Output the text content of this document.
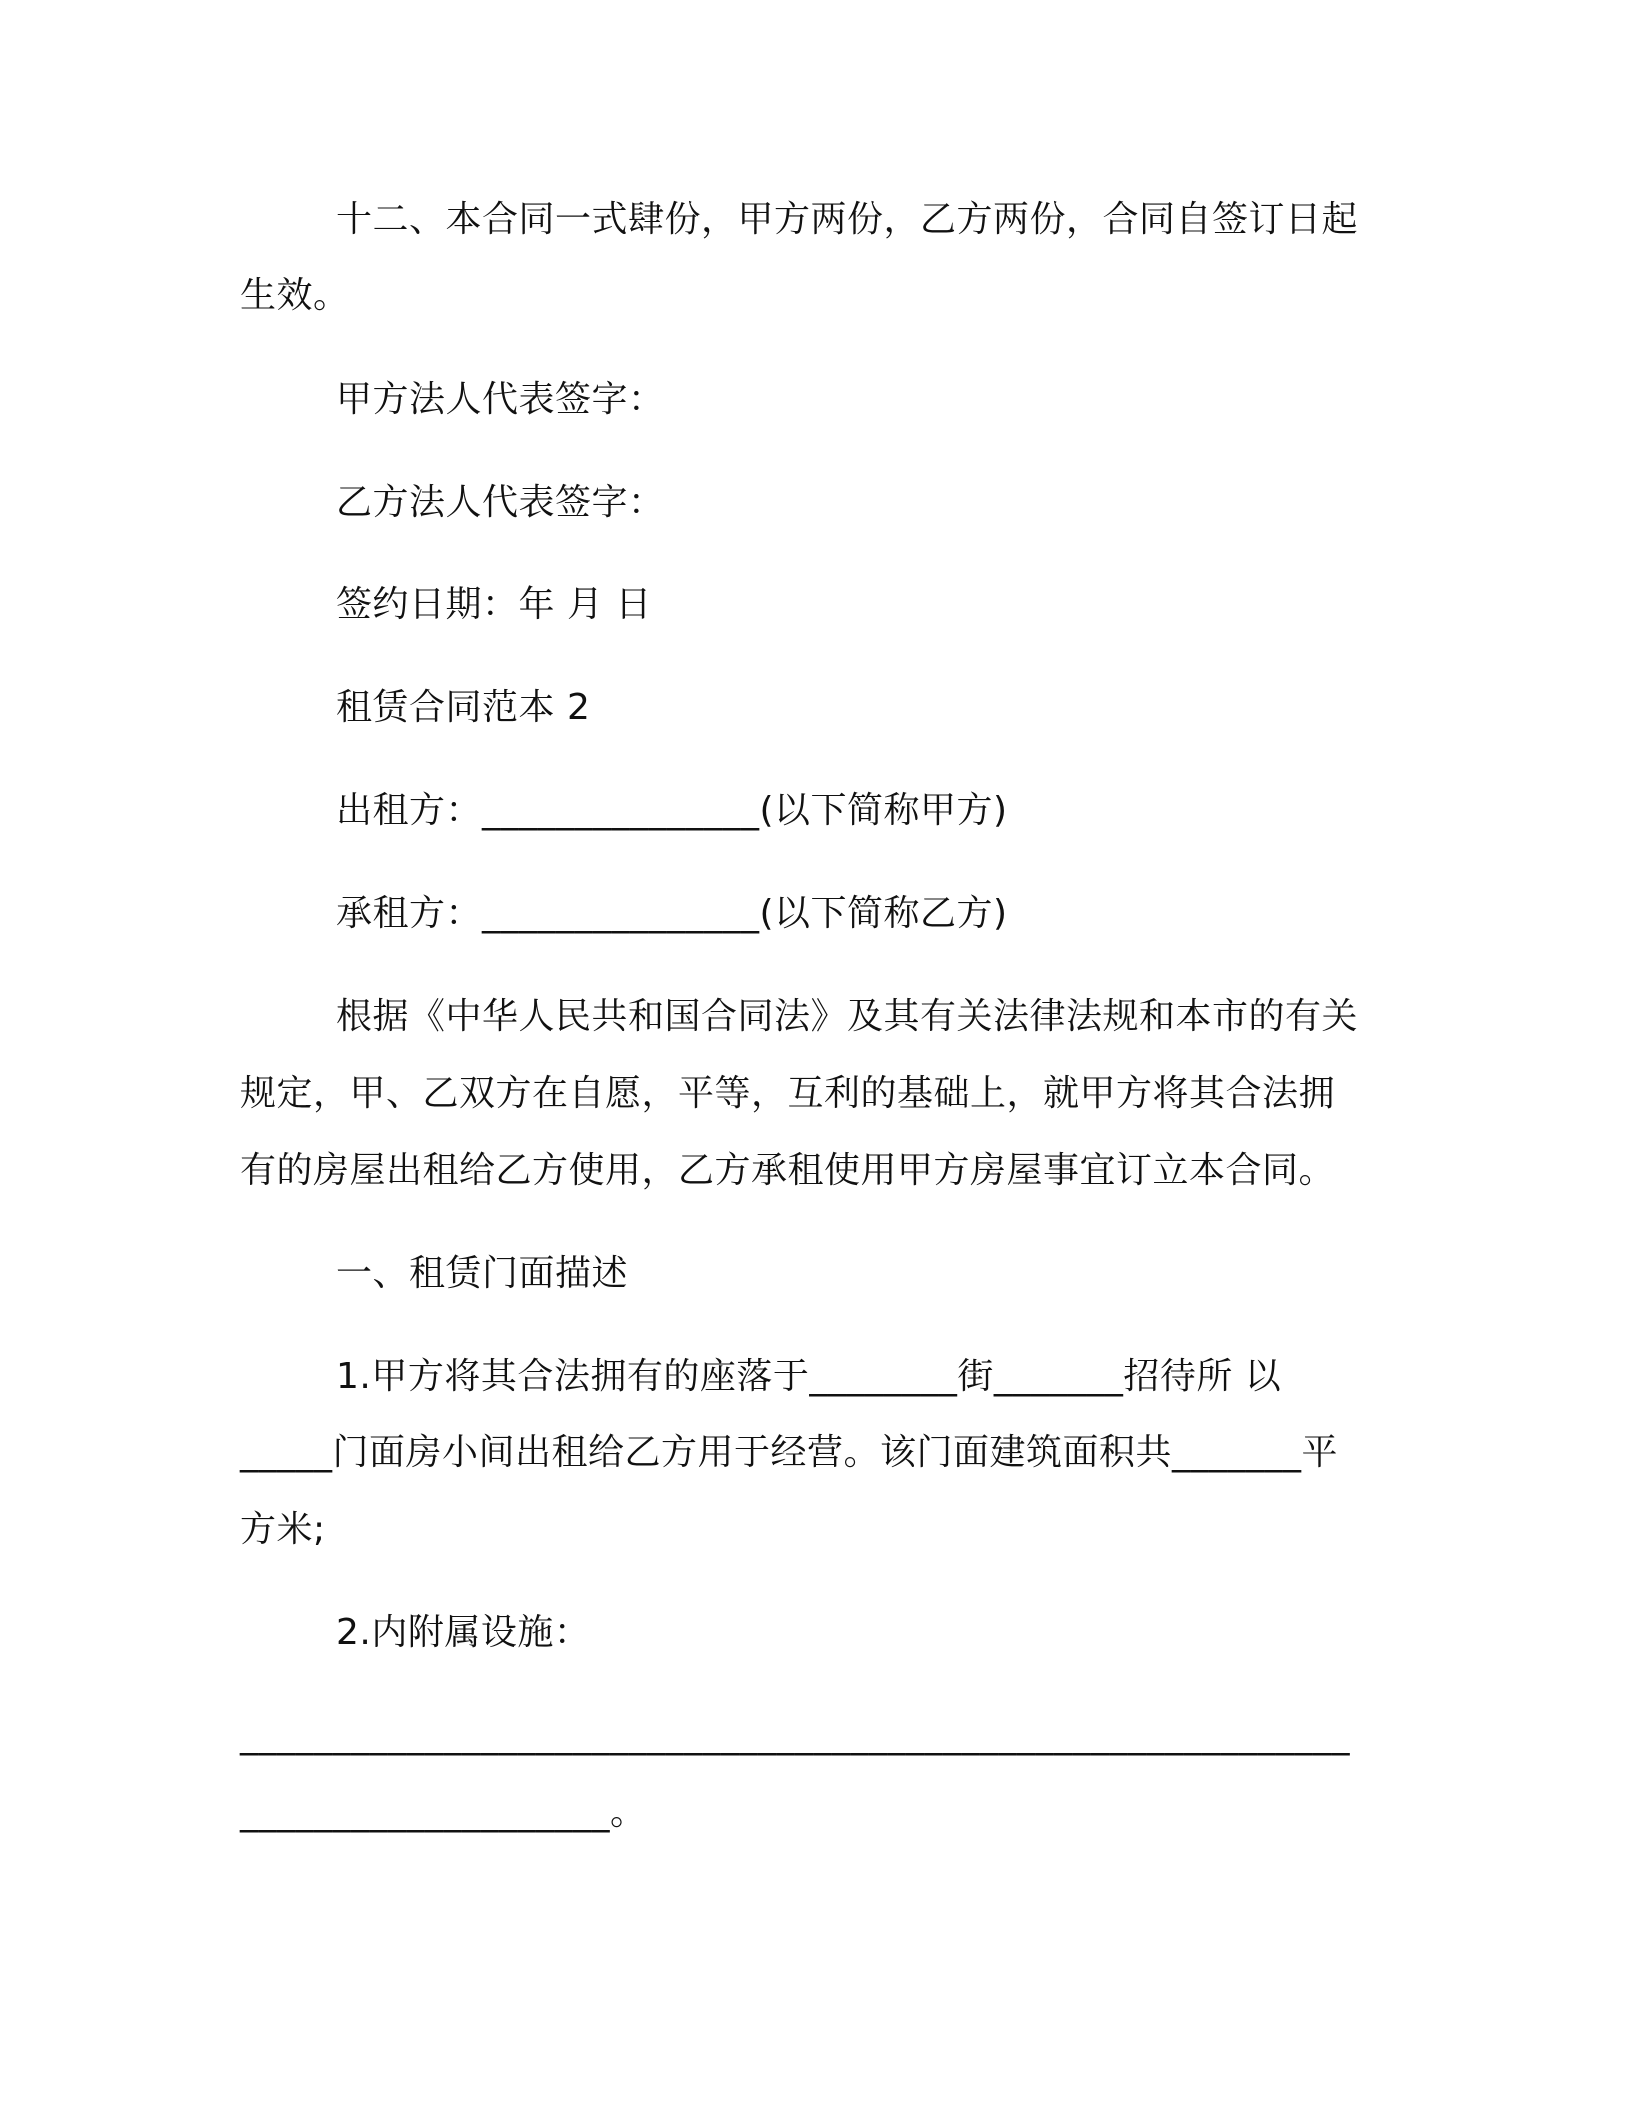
十二、本合同一式肆份，甲方两份，乙方两份，合同自签订日起
生效。
甲方法人代表签字：
乙方法人代表签字：
签约日期：年 月 日
租赁合同范本 2
出租方：_______________(以下简称甲方)
承租方：_______________(以下简称乙方)
根据《中华人民共和国合同法》及其有关法律法规和本市的有关
规定，甲、乙双方在自愿，平等，互利的基础上，就甲方将其合法拥
有的房屋出租给乙方使用，乙方承租使用甲方房屋事宜订立本合同。
一、租赁门面描述
1.甲方将其合法拥有的座落于________街_______招待所 以
_____门面房小间出租给乙方用于经营。该门面建筑面积共_______平
方米;
2.内附属设施：
____________________________________________________________
____________________。
